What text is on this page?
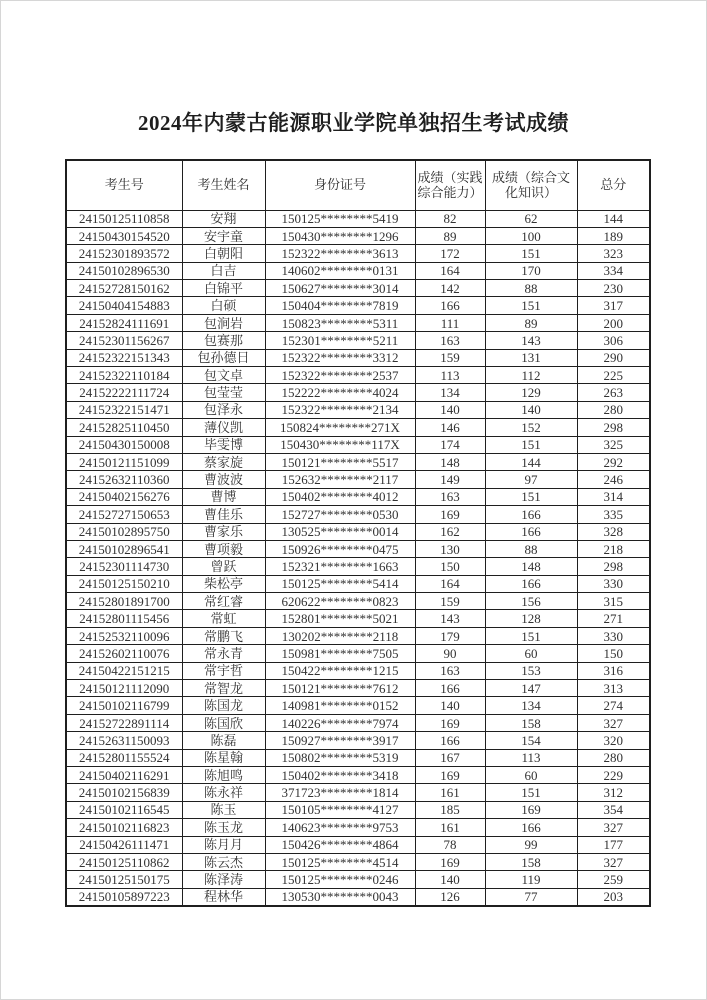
2024年内蒙古能源职业学院单独招生考试成绩
考生号	考生姓名	身份证号	成绩（实践综合能力）	成绩（综合文化知识）	总分
24150125110858	安翔	150125********5419	82	62	144
24150430154520	安宇童	150430********1296	89	100	189
24152301893572	白朝阳	152322********3613	172	151	323
24150102896530	白吉	140602********0131	164	170	334
24152728150162	白锦平	150627********3014	142	88	230
24150404154883	白硕	150404********7819	166	151	317
24152824111691	包涧岩	150823********5311	111	89	200
24152301156267	包赛那	152301********5211	163	143	306
24152322151343	包孙德日	152322********3312	159	131	290
24152322110184	包文卓	152322********2537	113	112	225
24152222111724	包莹莹	152222********4024	134	129	263
24152322151471	包泽永	152322********2134	140	140	280
24152825110450	薄仪凯	150824********271X	146	152	298
24150430150008	毕雯博	150430********117X	174	151	325
24150121151099	蔡家旋	150121********5517	148	144	292
24152632110360	曹波波	152632********2117	149	97	246
24150402156276	曹博	150402********4012	163	151	314
24152727150653	曹佳乐	152727********0530	169	166	335
24150102895750	曹家乐	130525********0014	162	166	328
24150102896541	曹项毅	150926********0475	130	88	218
24152301114730	曾跃	152321********1663	150	148	298
24150125150210	柴松亭	150125********5414	164	166	330
24152801891700	常红睿	620622********0823	159	156	315
24152801115456	常虹	152801********5021	143	128	271
24152532110096	常鹏飞	130202********2118	179	151	330
24152602110076	常永青	150981********7505	90	60	150
24150422151215	常宇哲	150422********1215	163	153	316
24150121112090	常智龙	150121********7612	166	147	313
24150102116799	陈国龙	140981********0152	140	134	274
24152722891114	陈国欣	140226********7974	169	158	327
24152631150093	陈磊	150927********3917	166	154	320
24152801155524	陈星翰	150802********5319	167	113	280
24150402116291	陈旭鸣	150402********3418	169	60	229
24150102156839	陈永祥	371723********1814	161	151	312
24150102116545	陈玉	150105********4127	185	169	354
24150102116823	陈玉龙	140623********9753	161	166	327
24150426111471	陈月月	150426********4864	78	99	177
24150125110862	陈云杰	150125********4514	169	158	327
24150125150175	陈泽涛	150125********0246	140	119	259
24150105897223	程林华	130530********0043	126	77	203
